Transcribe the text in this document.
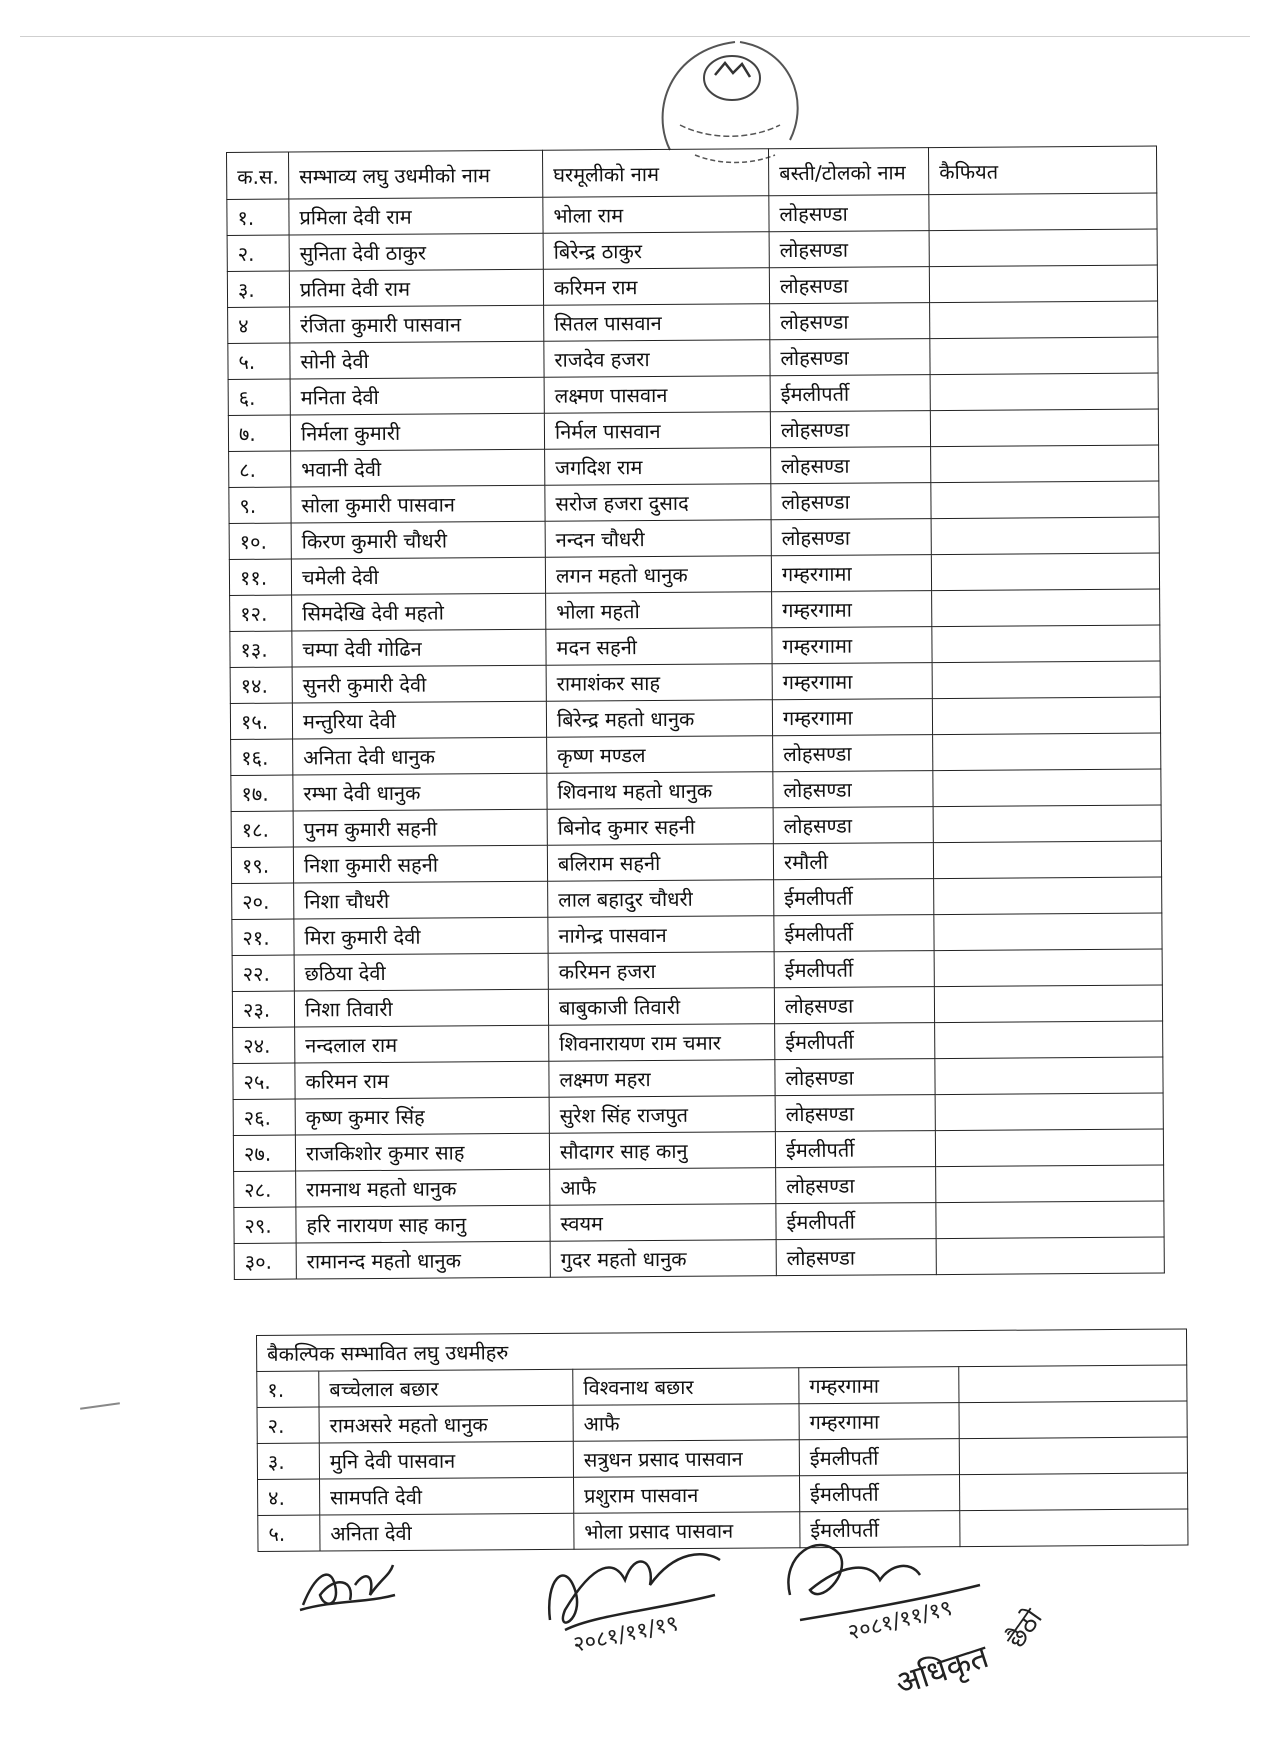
क.स.	सम्भाव्य लघु उधमीको नाम	घरमूलीको नाम	बस्ती/टोलको नाम	कैफियत
१.	प्रमिला देवी राम	भोला राम	लोहसण्डा	
२.	सुनिता देवी ठाकुर	बिरेन्द्र ठाकुर	लोहसण्डा	
३.	प्रतिमा देवी राम	करिमन राम	लोहसण्डा	
४	रंजिता कुमारी पासवान	सितल पासवान	लोहसण्डा	
५.	सोनी देवी	राजदेव हजरा	लोहसण्डा	
६.	मनिता देवी	लक्ष्मण पासवान	ईमलीपर्ती	
७.	निर्मला कुमारी	निर्मल पासवान	लोहसण्डा	
८.	भवानी देवी	जगदिश राम	लोहसण्डा	
९.	सोला कुमारी पासवान	सरोज हजरा दुसाद	लोहसण्डा	
१०.	किरण कुमारी चौधरी	नन्दन चौधरी	लोहसण्डा	
११.	चमेली देवी	लगन महतो धानुक	गम्हरगामा	
१२.	सिमदेखि देवी महतो	भोला महतो	गम्हरगामा	
१३.	चम्पा देवी गोढिन	मदन सहनी	गम्हरगामा	
१४.	सुनरी कुमारी देवी	रामाशंकर साह	गम्हरगामा	
१५.	मन्तुरिया देवी	बिरेन्द्र महतो धानुक	गम्हरगामा	
१६.	अनिता देवी धानुक	कृष्ण मण्डल	लोहसण्डा	
१७.	रम्भा देवी धानुक	शिवनाथ महतो धानुक	लोहसण्डा	
१८.	पुनम कुमारी सहनी	बिनोद कुमार सहनी	लोहसण्डा	
१९.	निशा कुमारी सहनी	बलिराम सहनी	रमौली	
२०.	निशा चौधरी	लाल बहादुर चौधरी	ईमलीपर्ती	
२१.	मिरा कुमारी देवी	नागेन्द्र पासवान	ईमलीपर्ती	
२२.	छठिया देवी	करिमन हजरा	ईमलीपर्ती	
२३.	निशा तिवारी	बाबुकाजी तिवारी	लोहसण्डा	
२४.	नन्दलाल राम	शिवनारायण राम चमार	ईमलीपर्ती	
२५.	करिमन राम	लक्ष्मण महरा	लोहसण्डा	
२६.	कृष्ण कुमार सिंह	सुरेश सिंह राजपुत	लोहसण्डा	
२७.	राजकिशोर कुमार साह	सौदागर साह कानु	ईमलीपर्ती	
२८.	रामनाथ महतो धानुक	आफै	लोहसण्डा	
२९.	हरि नारायण साह कानु	स्वयम	ईमलीपर्ती	
३०.	रामानन्द महतो धानुक	गुदर महतो धानुक	लोहसण्डा	
बैकल्पिक सम्भावित लघु उधमीहरु				
१.	बच्चेलाल बछार	विश्वनाथ बछार	गम्हरगामा	
२.	रामअसरे महतो धानुक	आफै	गम्हरगामा	
३.	मुनि देवी पासवान	सत्रुधन प्रसाद पासवान	ईमलीपर्ती	
४.	सामपति देवी	प्रशुराम पासवान	ईमलीपर्ती	
५.	अनिता देवी	भोला प्रसाद पासवान	ईमलीपर्ती	
२०८१/११/१९	२०८१/११/१९
अधिकृत
छैठो
